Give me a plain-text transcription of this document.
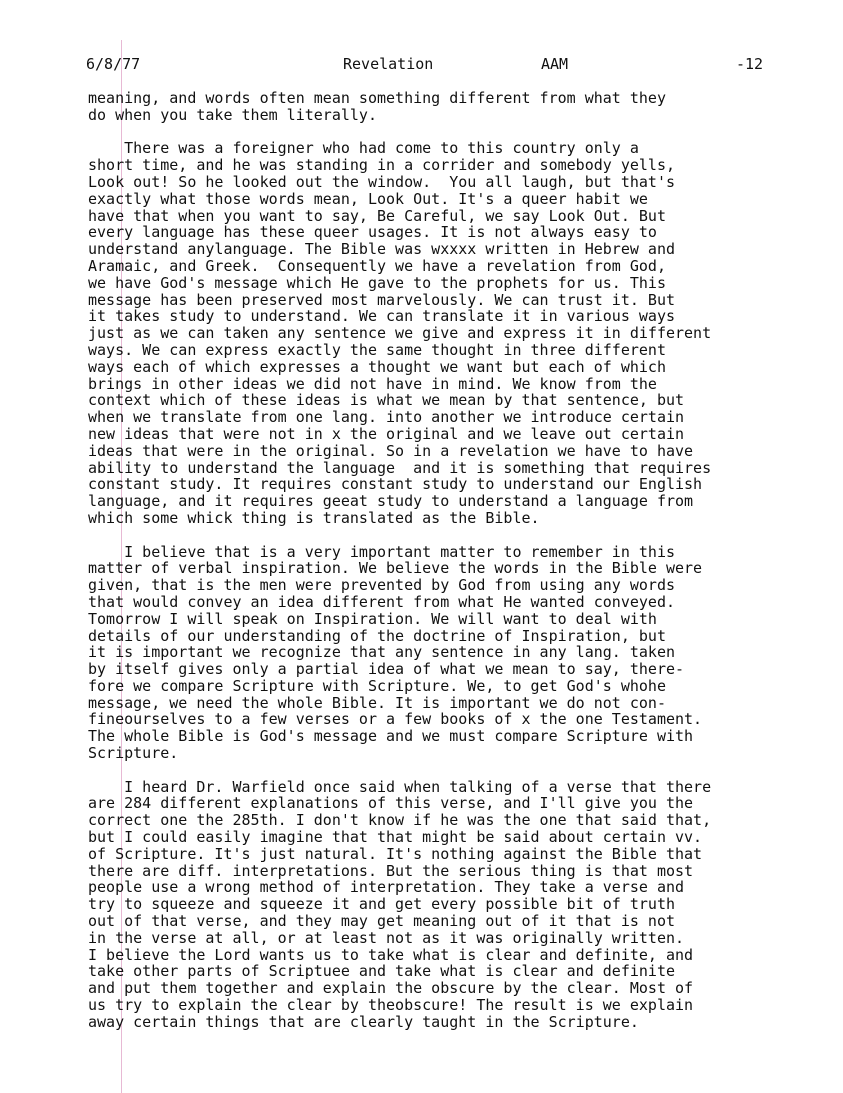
6/8/77	Revelation	AAM	-12

meaning, and words often mean something different from what they
do when you take them literally.

There was a foreigner who had come to this country only a
short time, and he was standing in a corrider and somebody yells,
Look out! So he looked out the window.  You all laugh, but that's
exactly what those words mean, Look Out. It's a queer habit we
have that when you want to say, Be Careful, we say Look Out. But
every language has these queer usages. It is not always easy to
understand anylanguage. The Bible was wxxxx written in Hebrew and
Aramaic, and Greek.  Consequently we have a revelation from God,
we have God's message which He gave to the prophets for us. This
message has been preserved most marvelously. We can trust it. But
it takes study to understand. We can translate it in various ways
just as we can taken any sentence we give and express it in different
ways. We can express exactly the same thought in three different
ways each of which expresses a thought we want but each of which
brings in other ideas we did not have in mind. We know from the
context which of these ideas is what we mean by that sentence, but
when we translate from one lang. into another we introduce certain
new ideas that were not in x the original and we leave out certain
ideas that were in the original. So in a revelation we have to have
ability to understand the language  and it is something that requires
constant study. It requires constant study to understand our English
language, and it requires geeat study to understand a language from
which some whick thing is translated as the Bible.

I believe that is a very important matter to remember in this
matter of verbal inspiration. We believe the words in the Bible were
given, that is the men were prevented by God from using any words
that would convey an idea different from what He wanted conveyed.
Tomorrow I will speak on Inspiration. We will want to deal with
details of our understanding of the doctrine of Inspiration, but
it is important we recognize that any sentence in any lang. taken
by itself gives only a partial idea of what we mean to say, there-
fore we compare Scripture with Scripture. We, to get God's whohe
message, we need the whole Bible. It is important we do not con-
fineourselves to a few verses or a few books of x the one Testament.
The whole Bible is God's message and we must compare Scripture with
Scripture.

I heard Dr. Warfield once said when talking of a verse that there
are 284 different explanations of this verse, and I'll give you the
correct one the 285th. I don't know if he was the one that said that,
but I could easily imagine that that might be said about certain vv.
of Scripture. It's just natural. It's nothing against the Bible that
there are diff. interpretations. But the serious thing is that most
people use a wrong method of interpretation. They take a verse and
try to squeeze and squeeze it and get every possible bit of truth
out of that verse, and they may get meaning out of it that is not
in the verse at all, or at least not as it was originally written.
I believe the Lord wants us to take what is clear and definite, and
take other parts of Scriptuee and take what is clear and definite
and put them together and explain the obscure by the clear. Most of
us try to explain the clear by theobscure! The result is we explain
away certain things that are clearly taught in the Scripture.
